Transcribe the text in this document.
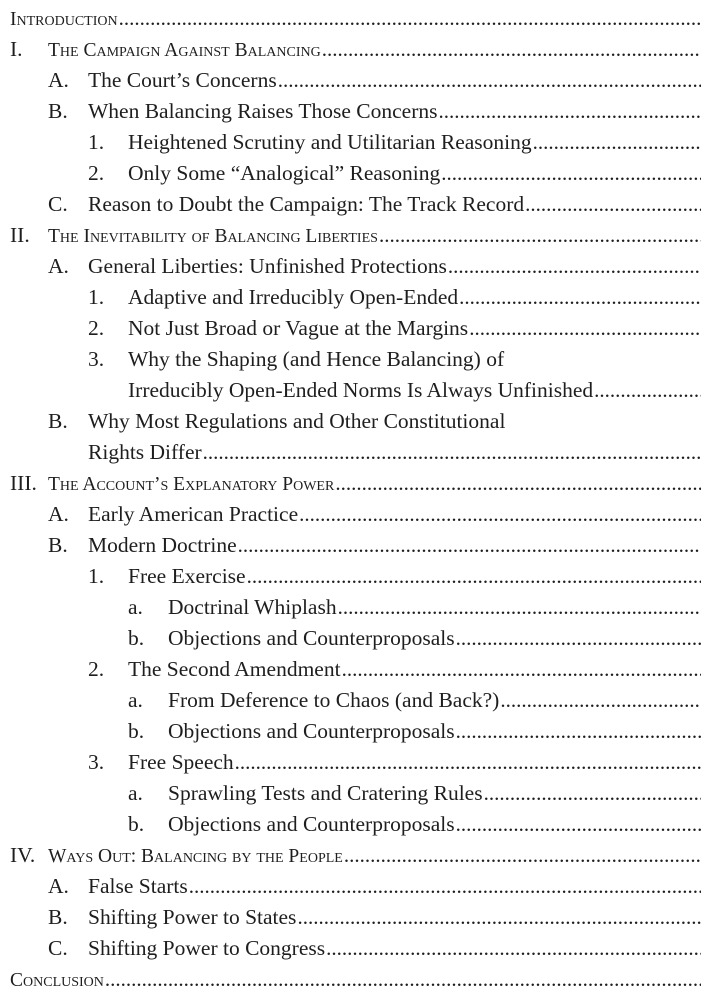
Introduction
.....
I. The Campaign Against Balancing
.....
A. The Court’s Concerns
.....
B. When Balancing Raises Those Concerns
.....
1. Heightened Scrutiny and Utilitarian Reasoning
.....
2. Only Some “Analogical” Reasoning
.....
C. Reason to Doubt the Campaign: The Track Record
.....
II. The Inevitability of Balancing Liberties
.....
A. General Liberties: Unfinished Protections
.....
1. Adaptive and Irreducibly Open-Ended
.....
2. Not Just Broad or Vague at the Margins
.....
3. Why the Shaping (and Hence Balancing) of
Irreducibly Open-Ended Norms Is Always Unfinished
.....
B. Why Most Regulations and Other Constitutional
Rights Differ
.....
III. The Account’s Explanatory Power
.....
A. Early American Practice
.....
B. Modern Doctrine
.....
1. Free Exercise
.....
a. Doctrinal Whiplash
.....
b. Objections and Counterproposals
.....
2. The Second Amendment
.....
a. From Deference to Chaos (and Back?)
.....
b. Objections and Counterproposals
.....
3. Free Speech
.....
a. Sprawling Tests and Cratering Rules
.....
b. Objections and Counterproposals
.....
IV. Ways Out: Balancing by the People
.....
A. False Starts
.....
B. Shifting Power to States
.....
C. Shifting Power to Congress
.....
Conclusion
.....
